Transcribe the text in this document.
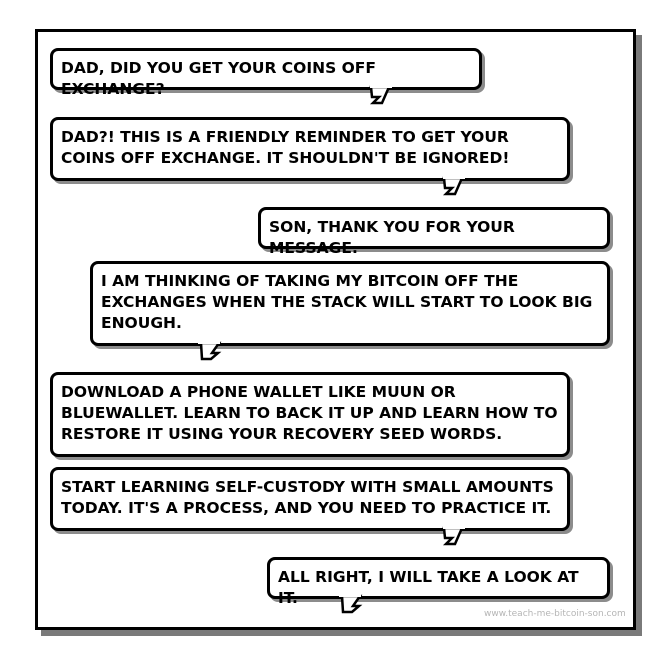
DAD, DID YOU GET YOUR COINS OFF EXCHANGE?
DAD?! THIS IS A FRIENDLY REMINDER TO GET YOUR COINS OFF EXCHANGE. IT SHOULDN'T BE IGNORED!
SON, THANK YOU FOR YOUR MESSAGE.
I AM THINKING OF TAKING MY BITCOIN OFF THE EXCHANGES WHEN THE STACK WILL START TO LOOK BIG ENOUGH.
DOWNLOAD A PHONE WALLET LIKE MUUN OR BLUEWALLET. LEARN TO BACK IT UP AND LEARN HOW TO RESTORE IT USING YOUR RECOVERY SEED WORDS.
START LEARNING SELF-CUSTODY WITH SMALL AMOUNTS TODAY. IT'S A PROCESS, AND YOU NEED TO PRACTICE IT.
ALL RIGHT, I WILL TAKE A LOOK AT IT.
www.teach-me-bitcoin-son.com
